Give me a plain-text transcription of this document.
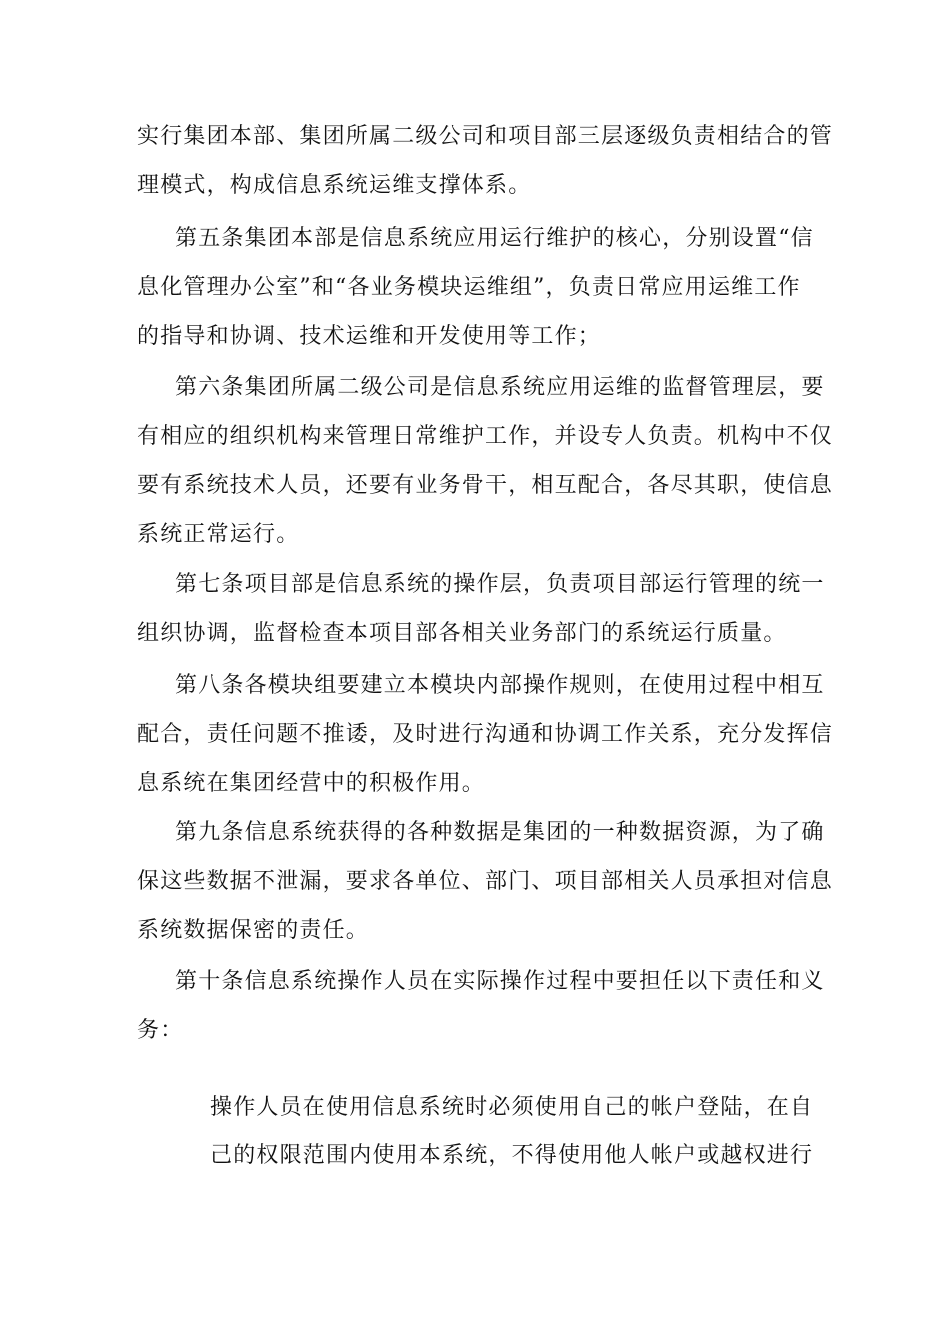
实行集团本部、集团所属二级公司和项目部三层逐级负责相结合的管
理模式，构成信息系统运维支撑体系。
第五条集团本部是信息系统应用运行维护的核心，分别设置“信
息化管理办公室”和“各业务模块运维组”，负责日常应用运维工作
的指导和协调、技术运维和开发使用等工作；
第六条集团所属二级公司是信息系统应用运维的监督管理层，要
有相应的组织机构来管理日常维护工作，并设专人负责。机构中不仅
要有系统技术人员，还要有业务骨干，相互配合，各尽其职，使信息
系统正常运行。
第七条项目部是信息系统的操作层，负责项目部运行管理的统一
组织协调，监督检查本项目部各相关业务部门的系统运行质量。
第八条各模块组要建立本模块内部操作规则，在使用过程中相互
配合，责任问题不推诿，及时进行沟通和协调工作关系，充分发挥信
息系统在集团经营中的积极作用。
第九条信息系统获得的各种数据是集团的一种数据资源，为了确
保这些数据不泄漏，要求各单位、部门、项目部相关人员承担对信息
系统数据保密的责任。
第十条信息系统操作人员在实际操作过程中要担任以下责任和义
务：
操作人员在使用信息系统时必须使用自己的帐户登陆，在自
己的权限范围内使用本系统，不得使用他人帐户或越权进行
